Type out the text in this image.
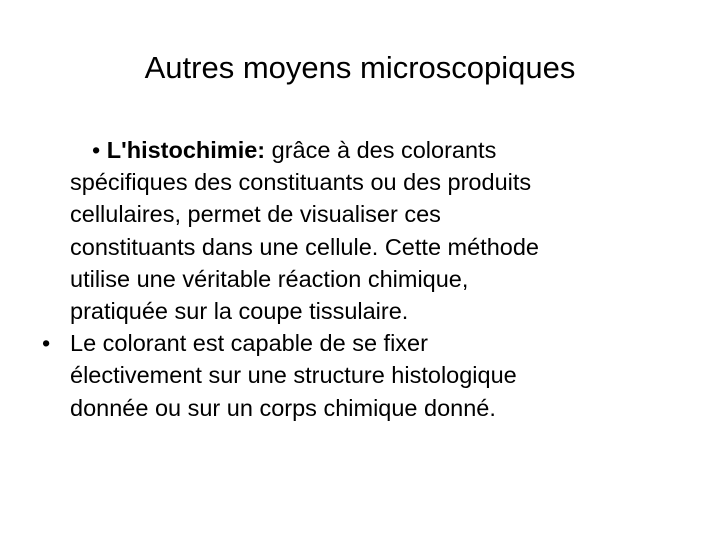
Autres moyens microscopiques

• L'histochimie: grâce à des colorants
spécifiques des constituants ou des produits
cellulaires, permet de visualiser ces
constituants dans une cellule. Cette méthode
utilise une véritable réaction chimique,
pratiquée sur la coupe tissulaire.

• Le colorant est capable de se fixer
électivement sur une structure histologique
donnée ou sur un corps chimique donné.
